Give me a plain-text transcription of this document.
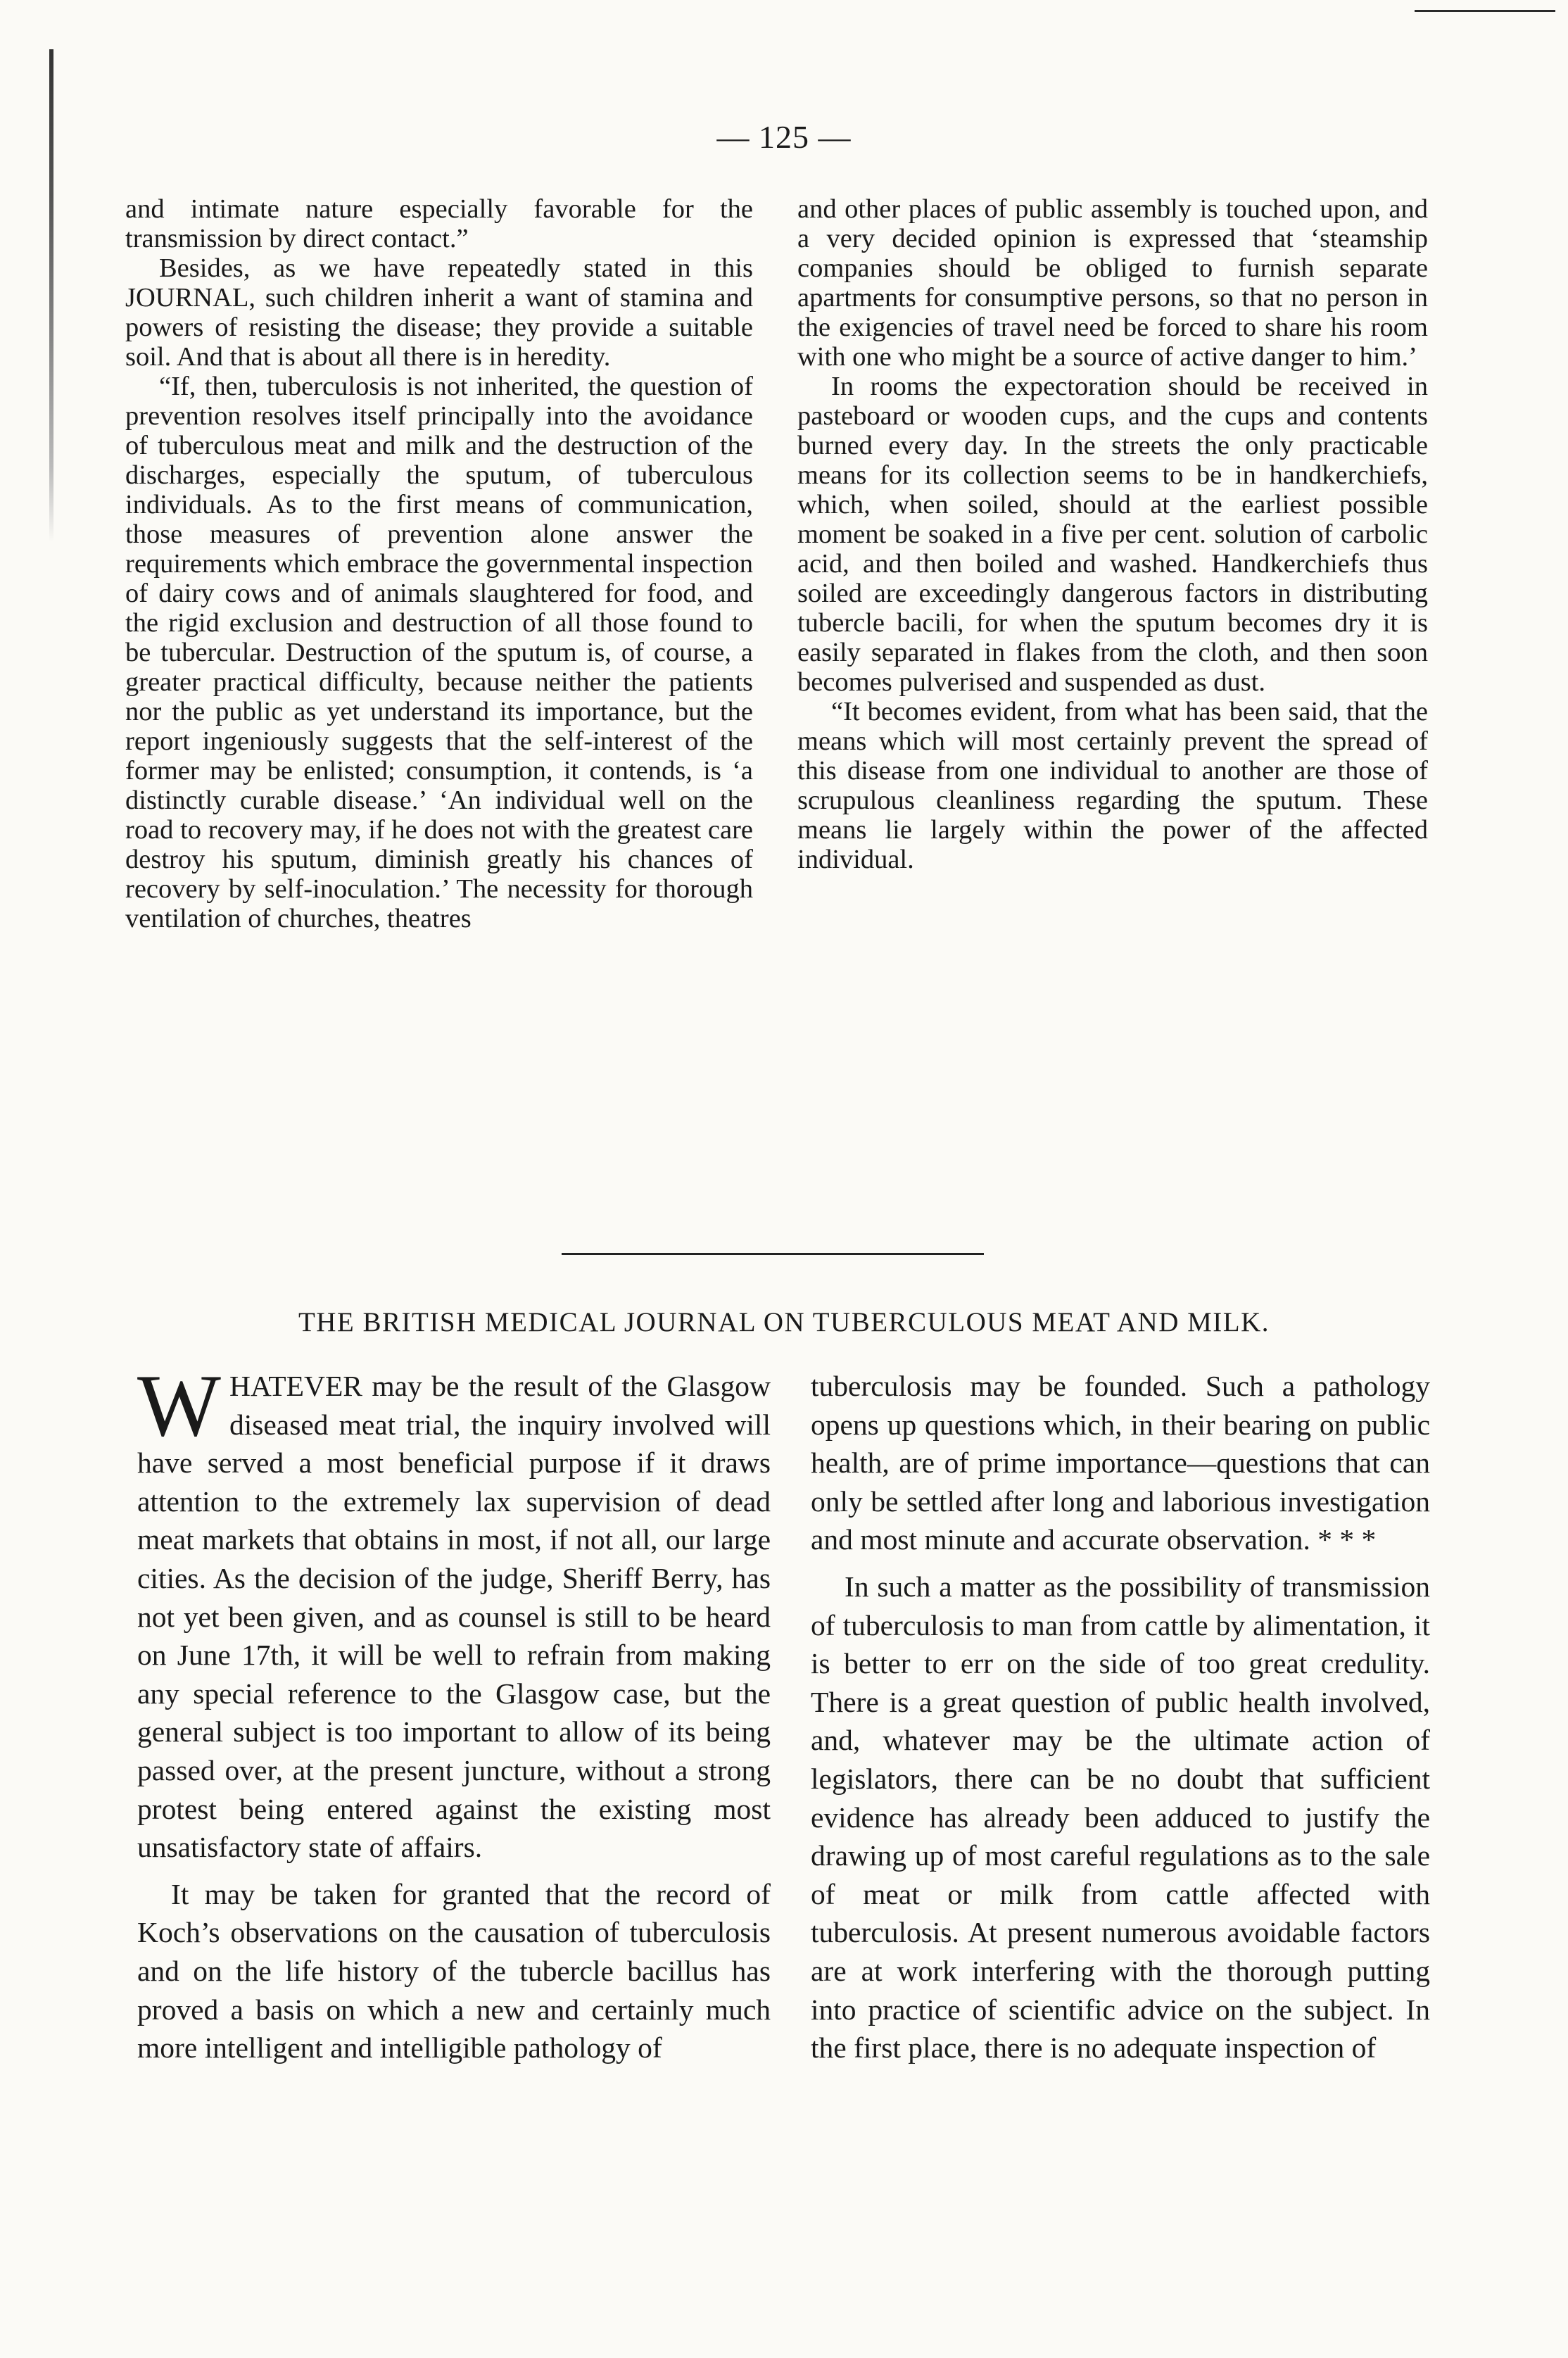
— 125 —

and intimate nature especially favorable for the transmission by direct contact.”

Besides, as we have repeatedly stated in this JOURNAL, such children inherit a want of stamina and powers of resisting the disease; they provide a suitable soil. And that is about all there is in heredity.

“If, then, tuberculosis is not inherited, the question of prevention resolves itself principally into the avoidance of tuberculous meat and milk and the destruction of the discharges, especially the sputum, of tuberculous individuals. As to the first means of communication, those measures of prevention alone answer the requirements which embrace the governmental inspection of dairy cows and of animals slaughtered for food, and the rigid exclusion and destruction of all those found to be tubercular. Destruction of the sputum is, of course, a greater practical difficulty, because neither the patients nor the public as yet understand its importance, but the report ingeniously suggests that the self-interest of the former may be enlisted; consumption, it contends, is ‘a distinctly curable disease.’ ‘An individual well on the road to recovery may, if he does not with the greatest care destroy his sputum, diminish greatly his chances of recovery by self-inoculation.’ The necessity for thorough ventilation of churches, theatres

and other places of public assembly is touched upon, and a very decided opinion is expressed that ‘steamship companies should be obliged to furnish separate apartments for consumptive persons, so that no person in the exigencies of travel need be forced to share his room with one who might be a source of active danger to him.’

In rooms the expectoration should be received in pasteboard or wooden cups, and the cups and contents burned every day. In the streets the only practicable means for its collection seems to be in handkerchiefs, which, when soiled, should at the earliest possible moment be soaked in a five per cent. solution of carbolic acid, and then boiled and washed. Handkerchiefs thus soiled are exceedingly dangerous factors in distributing tubercle bacili, for when the sputum becomes dry it is easily separated in flakes from the cloth, and then soon becomes pulverised and suspended as dust.

“It becomes evident, from what has been said, that the means which will most certainly prevent the spread of this disease from one individual to another are those of scrupulous cleanliness regarding the sputum. These means lie largely within the power of the affected individual.

THE BRITISH MEDICAL JOURNAL ON TUBERCULOUS MEAT AND MILK.

WHATEVER may be the result of the Glasgow diseased meat trial, the inquiry involved will have served a most beneficial purpose if it draws attention to the extremely lax supervision of dead meat markets that obtains in most, if not all, our large cities. As the decision of the judge, Sheriff Berry, has not yet been given, and as counsel is still to be heard on June 17th, it will be well to refrain from making any special reference to the Glasgow case, but the general subject is too important to allow of its being passed over, at the present juncture, without a strong protest being entered against the existing most unsatisfactory state of affairs.

It may be taken for granted that the record of Koch’s observations on the causation of tuberculosis and on the life history of the tubercle bacillus has proved a basis on which a new and certainly much more intelligent and intelligible pathology of

tuberculosis may be founded. Such a pathology opens up questions which, in their bearing on public health, are of prime importance—questions that can only be settled after long and laborious investigation and most minute and accurate observation. * * *

In such a matter as the possibility of transmission of tuberculosis to man from cattle by alimentation, it is better to err on the side of too great credulity. There is a great question of public health involved, and, whatever may be the ultimate action of legislators, there can be no doubt that sufficient evidence has already been adduced to justify the drawing up of most careful regulations as to the sale of meat or milk from cattle affected with tuberculosis. At present numerous avoidable factors are at work interfering with the thorough putting into practice of scientific advice on the subject. In the first place, there is no adequate inspection of
